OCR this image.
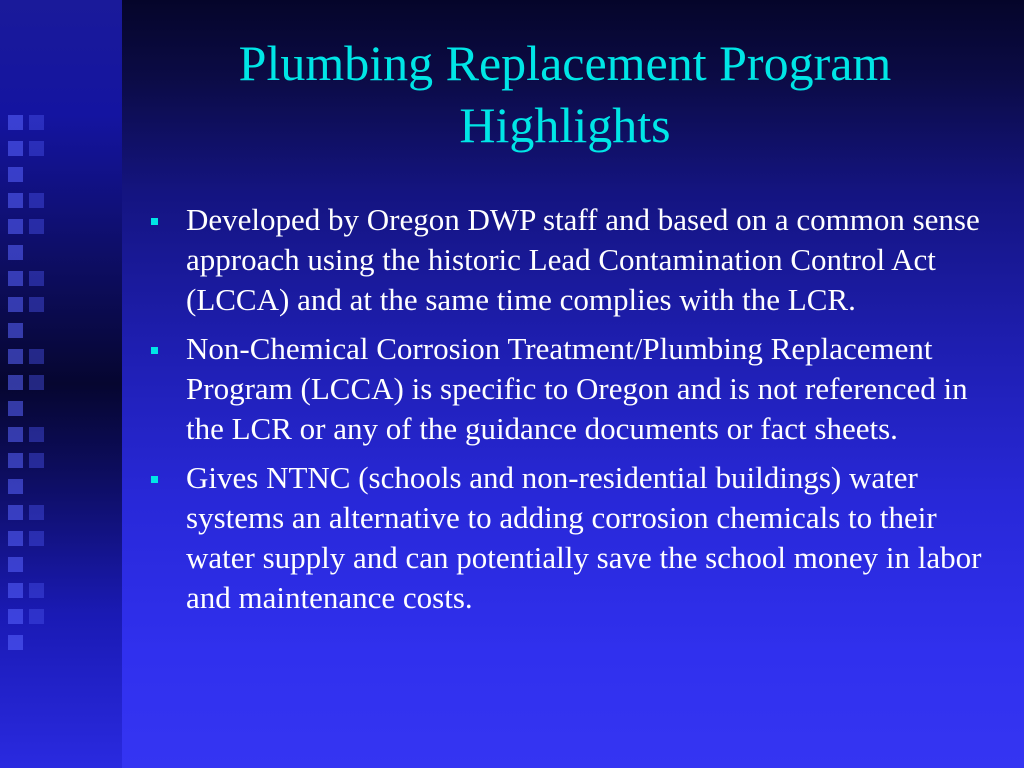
Plumbing Replacement Program
Highlights
Developed by Oregon DWP staff and based on a common sense approach using the historic Lead Contamination Control Act (LCCA) and at the same time complies with the LCR.
Non-Chemical Corrosion Treatment/Plumbing Replacement Program (LCCA) is specific to Oregon and is not referenced in the LCR or any of the guidance documents or fact sheets.
Gives NTNC (schools and non-residential buildings) water systems an alternative to adding corrosion chemicals to their water supply and can potentially save the school money in labor and maintenance costs.
